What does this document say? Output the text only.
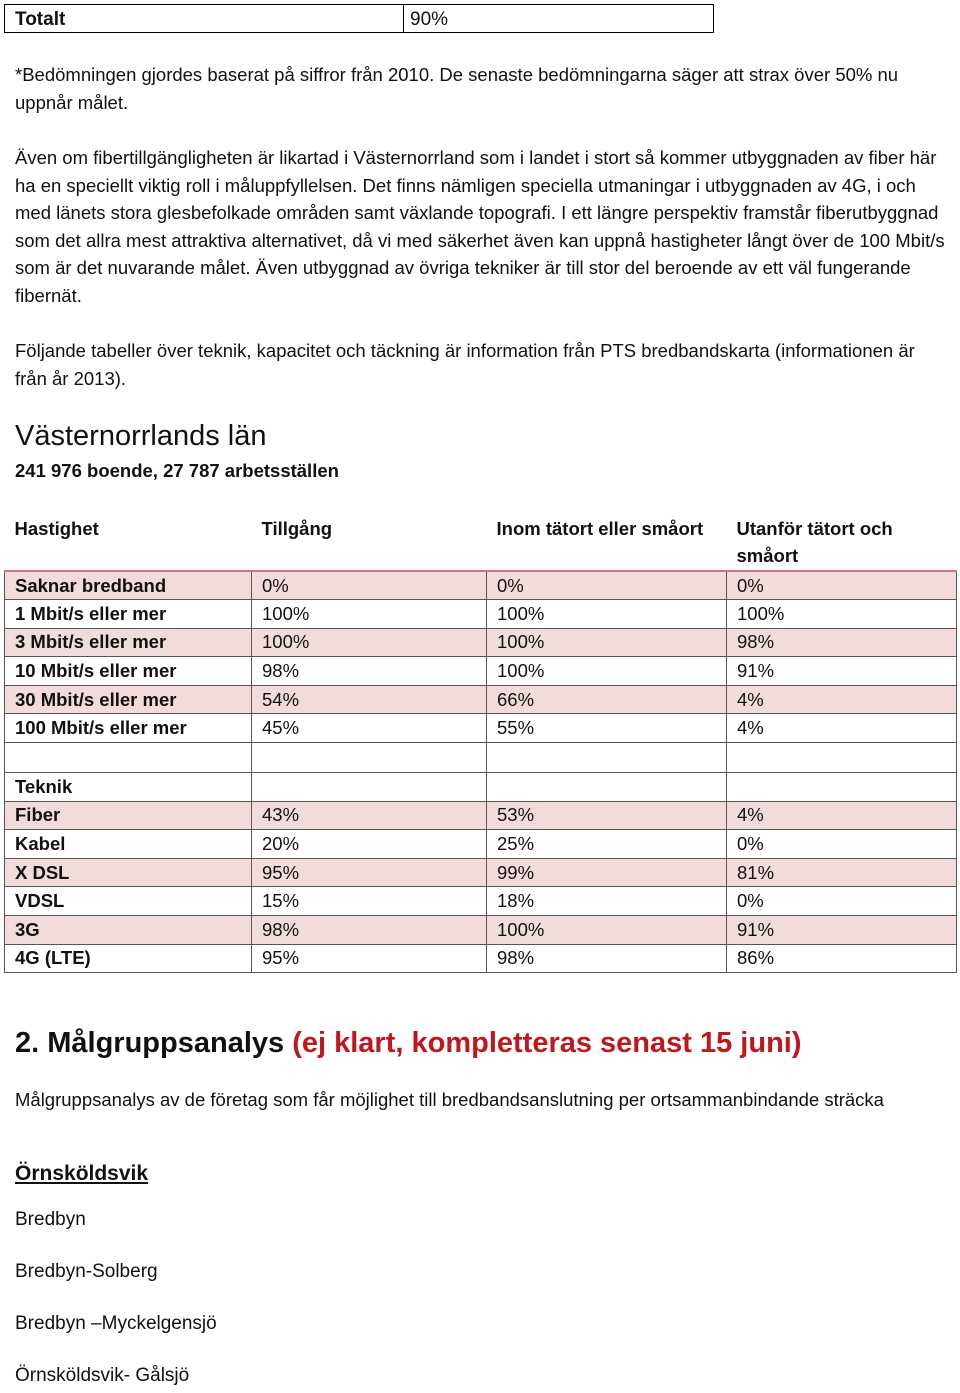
Totalt	90%

*Bedömningen gjordes baserat på siffror från 2010. De senaste bedömningarna säger att strax över 50% nu uppnår målet.

Även om fibertillgängligheten är likartad i Västernorrland som i landet i stort så kommer utbyggnaden av fiber här ha en speciellt viktig roll i måluppfyllelsen. Det finns nämligen speciella utmaningar i utbyggnaden av 4G, i och med länets stora glesbefolkade områden samt växlande topografi. I ett längre perspektiv framstår fiberutbyggnad som det allra mest attraktiva alternativet, då vi med säkerhet även kan uppnå hastigheter långt över de 100 Mbit/s som är det nuvarande målet. Även utbyggnad av övriga tekniker är till stor del beroende av ett väl fungerande fibernät.

Följande tabeller över teknik, kapacitet och täckning är information från PTS bredbandskarta (informationen är från år 2013).

Västernorrlands län

241 976 boende, 27 787 arbetsställen

Hastighet	Tillgång	Inom tätort eller småort	Utanför tätort och småort
Saknar bredband	0%	0%	0%
1 Mbit/s eller mer	100%	100%	100%
3 Mbit/s eller mer	100%	100%	98%
10 Mbit/s eller mer	98%	100%	91%
30 Mbit/s eller mer	54%	66%	4%
100 Mbit/s eller mer	45%	55%	4%

Teknik			
Fiber	43%	53%	4%
Kabel	20%	25%	0%
X DSL	95%	99%	81%
VDSL	15%	18%	0%
3G	98%	100%	91%
4G (LTE)	95%	98%	86%
2. Målgruppsanalys (ej klart, kompletteras senast 15 juni)

Målgruppsanalys av de företag som får möjlighet till bredbandsanslutning per ortsammanbindande sträcka

Örnsköldsvik

Bredbyn

Bredbyn-Solberg

Bredbyn –Myckelgensjö

Örnsköldsvik- Gålsjö
